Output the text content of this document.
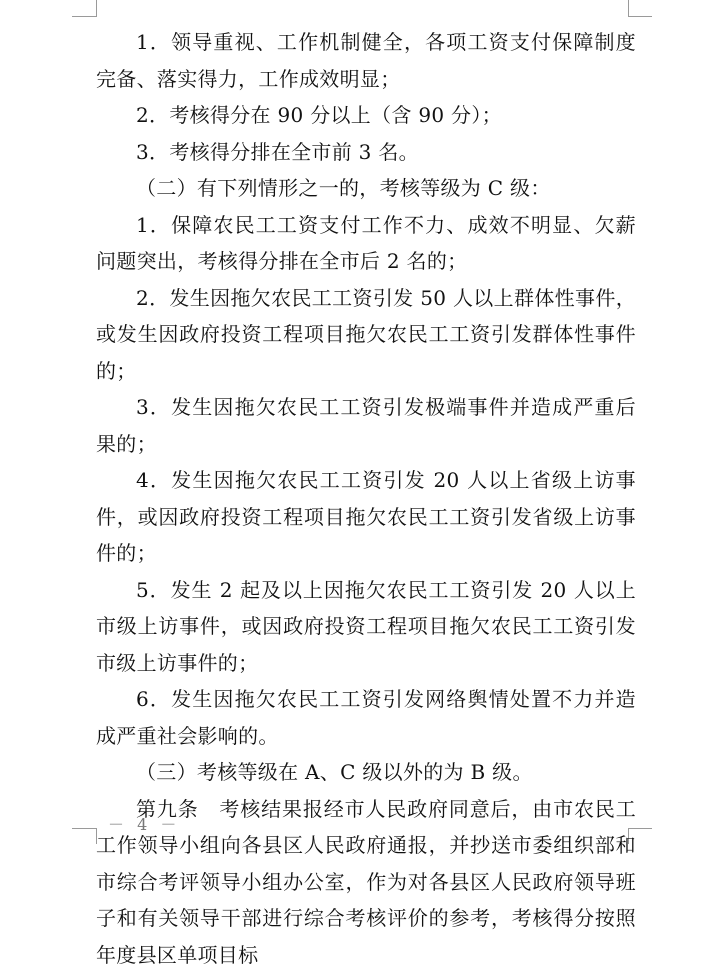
1．领导重视、工作机制健全，各项工资支付保障制度完备、落实得力，工作成效明显；

2．考核得分在 90 分以上（含 90 分）；

3．考核得分排在全市前 3 名。

（二）有下列情形之一的，考核等级为 C 级：

1．保障农民工工资支付工作不力、成效不明显、欠薪问题突出，考核得分排在全市后 2 名的；

2．发生因拖欠农民工工资引发 50 人以上群体性事件，或发生因政府投资工程项目拖欠农民工工资引发群体性事件的；

3．发生因拖欠农民工工资引发极端事件并造成严重后果的；

4．发生因拖欠农民工工资引发 20 人以上省级上访事件，或因政府投资工程项目拖欠农民工工资引发省级上访事件的；

5．发生 2 起及以上因拖欠农民工工资引发 20 人以上市级上访事件，或因政府投资工程项目拖欠农民工工资引发市级上访事件的；

6．发生因拖欠农民工工资引发网络舆情处置不力并造成严重社会影响的。

（三）考核等级在 A、C 级以外的为 B 级。

第九条　考核结果报经市人民政府同意后，由市农民工工作领导小组向各县区人民政府通报，并抄送市委组织部和市综合考评领导小组办公室，作为对各县区人民政府领导班子和有关领导干部进行综合考核评价的参考，考核得分按照年度县区单项目标

－ 4 －
